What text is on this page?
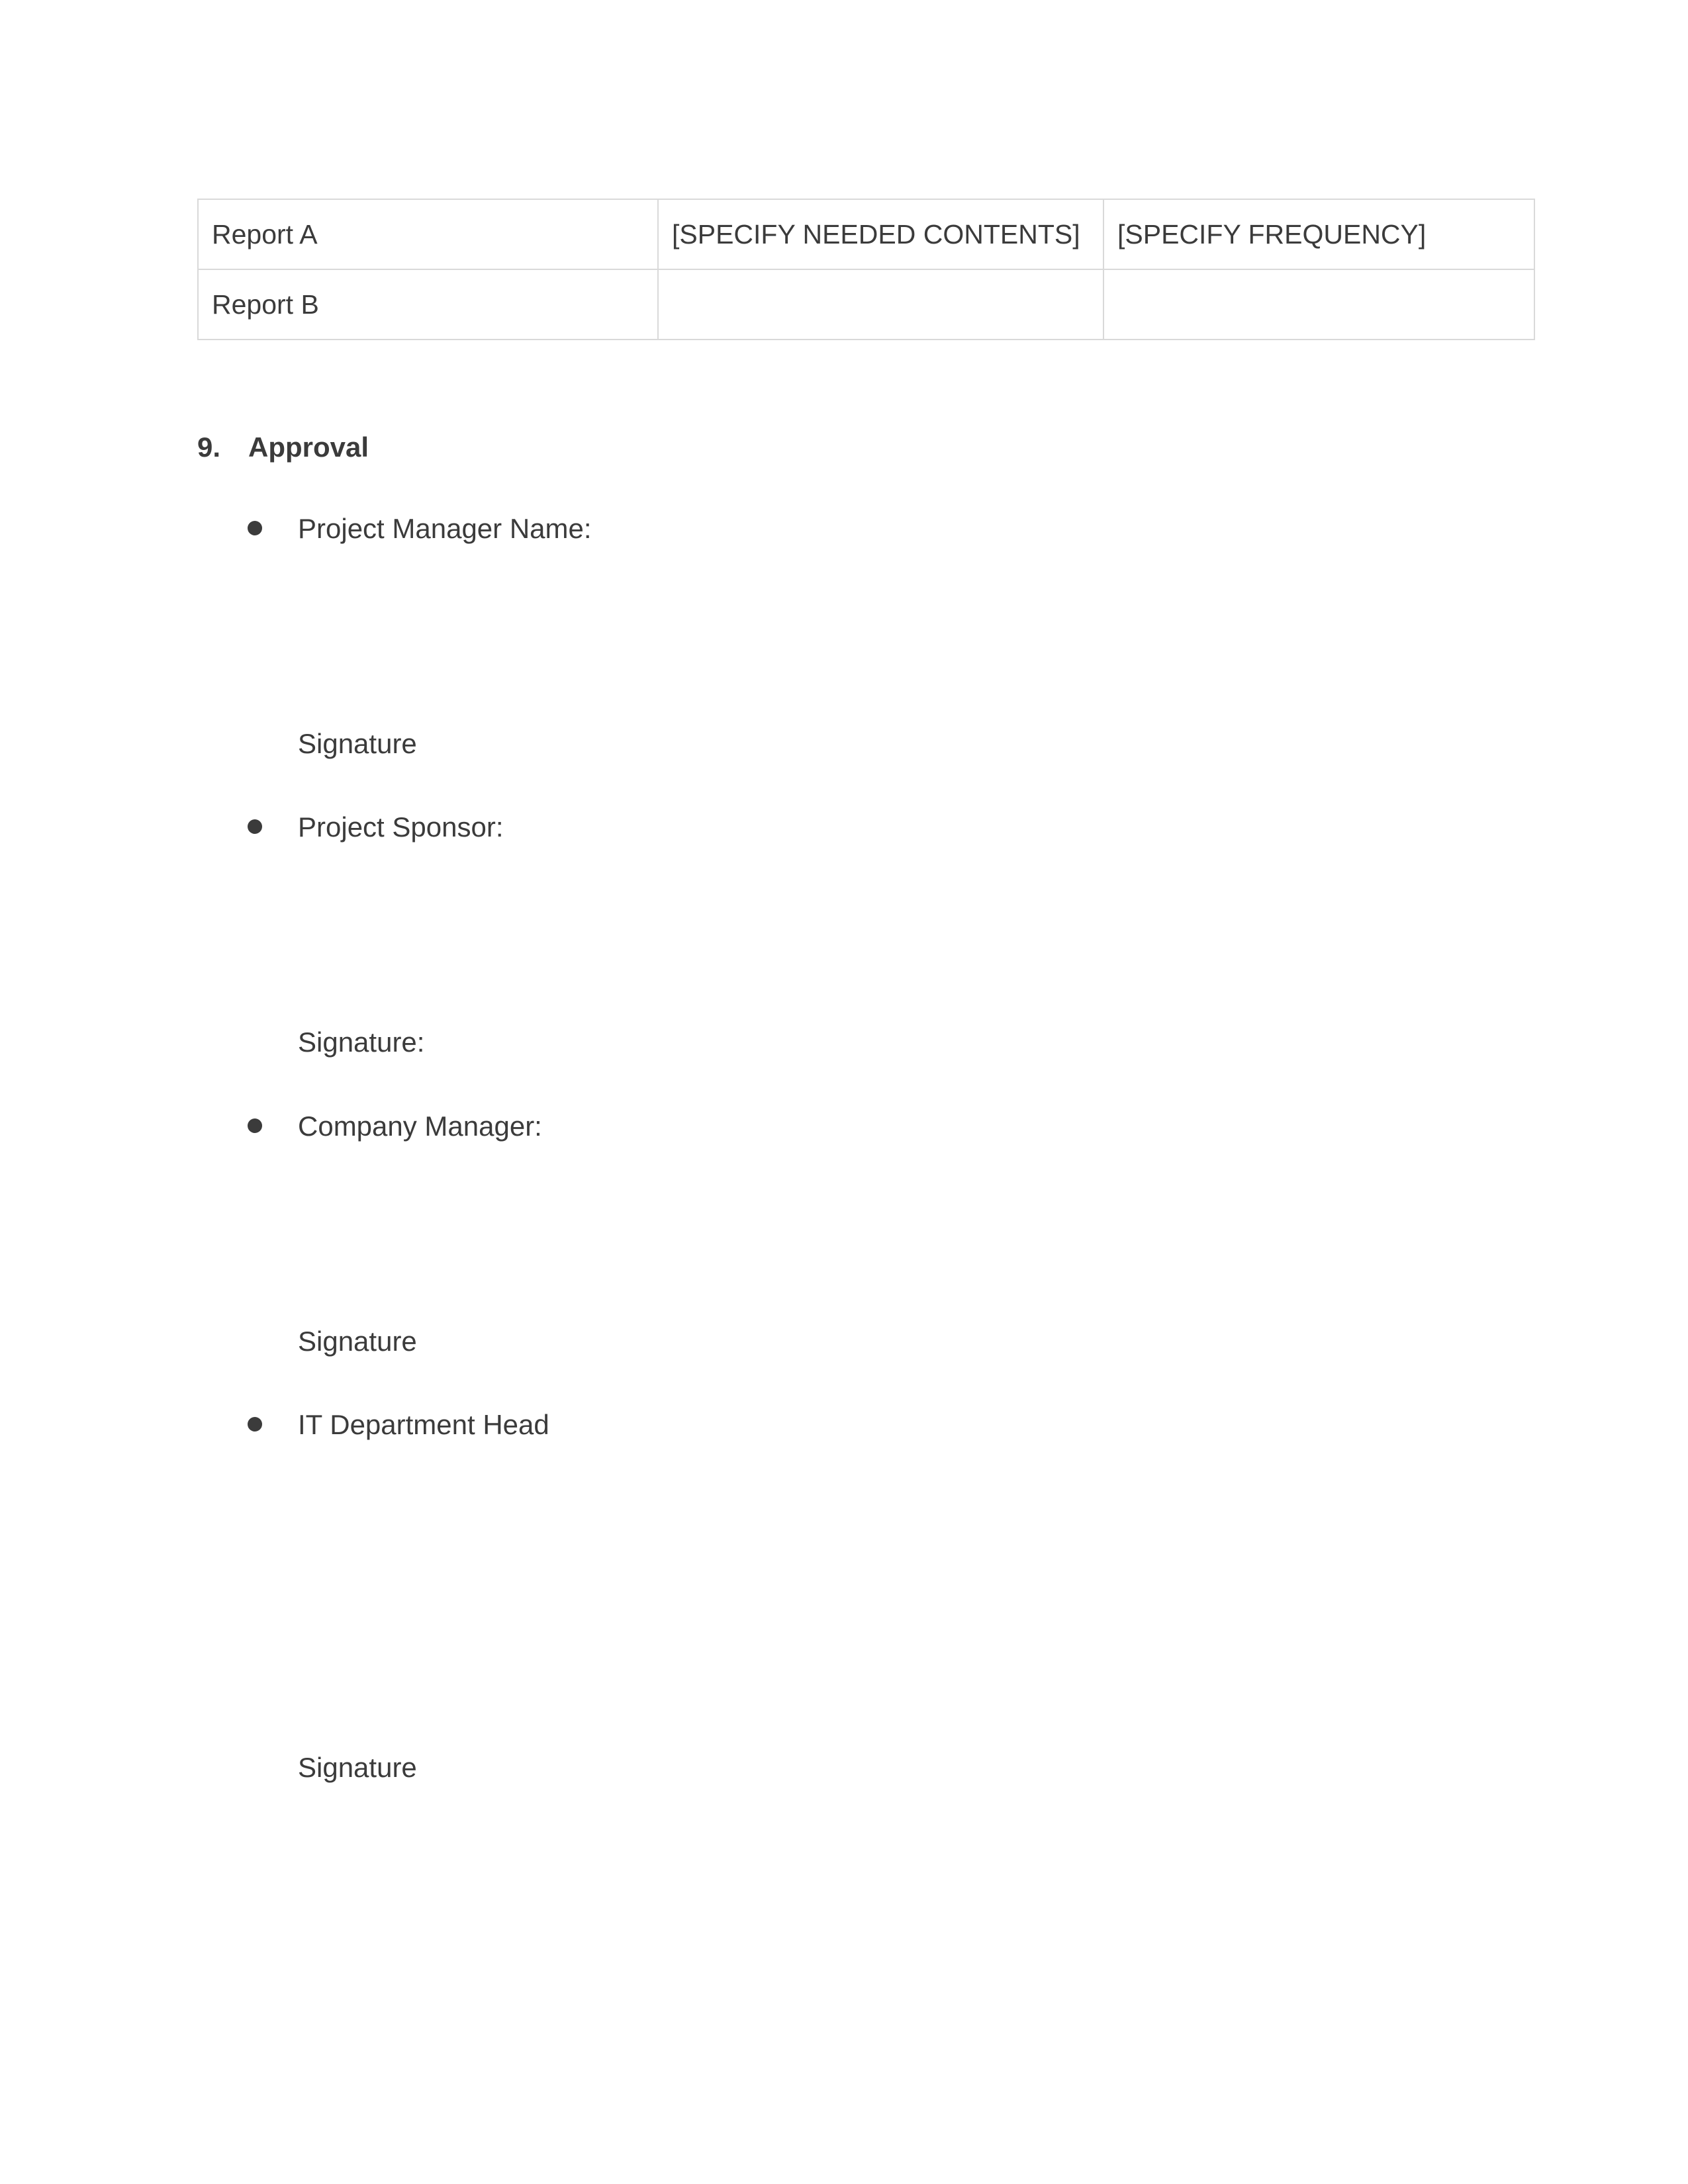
Report A	[SPECIFY NEEDED CONTENTS]	[SPECIFY FREQUENCY]
Report B		
9. Approval
Project Manager Name:
Signature
Project Sponsor:
Signature:
Company Manager:
Signature
IT Department Head
Signature
